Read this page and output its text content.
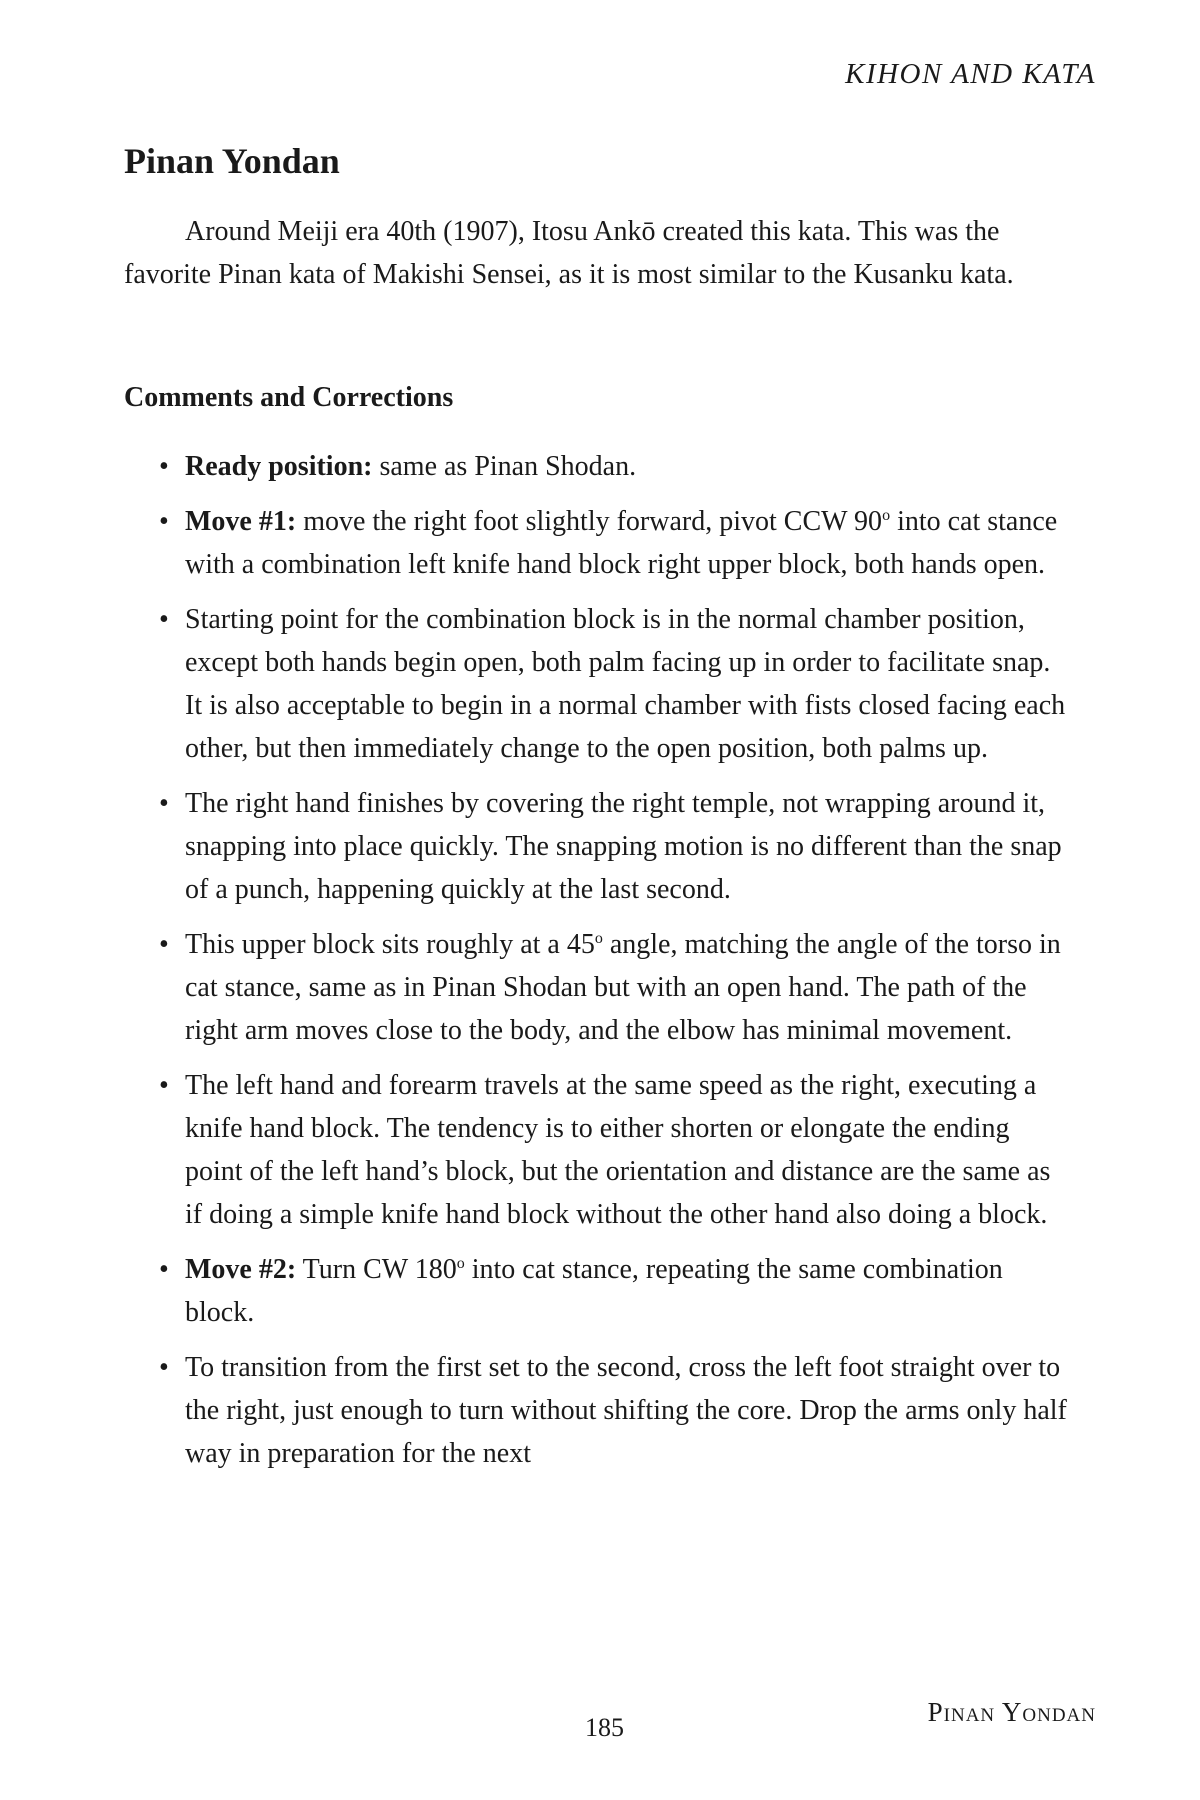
KIHON AND KATA
Pinan Yondan

Around Meiji era 40th (1907), Itosu Ankō created this kata. This was the favorite Pinan kata of Makishi Sensei, as it is most similar to the Kusanku kata.

Comments and Corrections
• Ready position: same as Pinan Shodan.
• Move #1: move the right foot slightly forward, pivot CCW 90$^o$ into cat stance with a combination left knife hand block right upper block, both hands open.
• Starting point for the combination block is in the normal chamber position, except both hands begin open, both palm facing up in order to facilitate snap. It is also acceptable to begin in a normal chamber with fists closed facing each other, but then immediately change to the open position, both palms up.
• The right hand finishes by covering the right temple, not wrapping around it, snapping into place quickly. The snapping motion is no different than the snap of a punch, happening quickly at the last second.
• This upper block sits roughly at a 45$^o$ angle, matching the angle of the torso in cat stance, same as in Pinan Shodan but with an open hand. The path of the right arm moves close to the body, and the elbow has minimal movement.
• The left hand and forearm travels at the same speed as the right, executing a knife hand block. The tendency is to either shorten or elongate the ending point of the left hand’s block, but the orientation and distance are the same as if doing a simple knife hand block without the other hand also doing a block.
• Move #2: Turn CW 180$^o$ into cat stance, repeating the same combination block.
• To transition from the first set to the second, cross the left foot straight over to the right, just enough to turn without shifting the core. Drop the arms only half way in preparation for the next
185
Pinan Yondan
